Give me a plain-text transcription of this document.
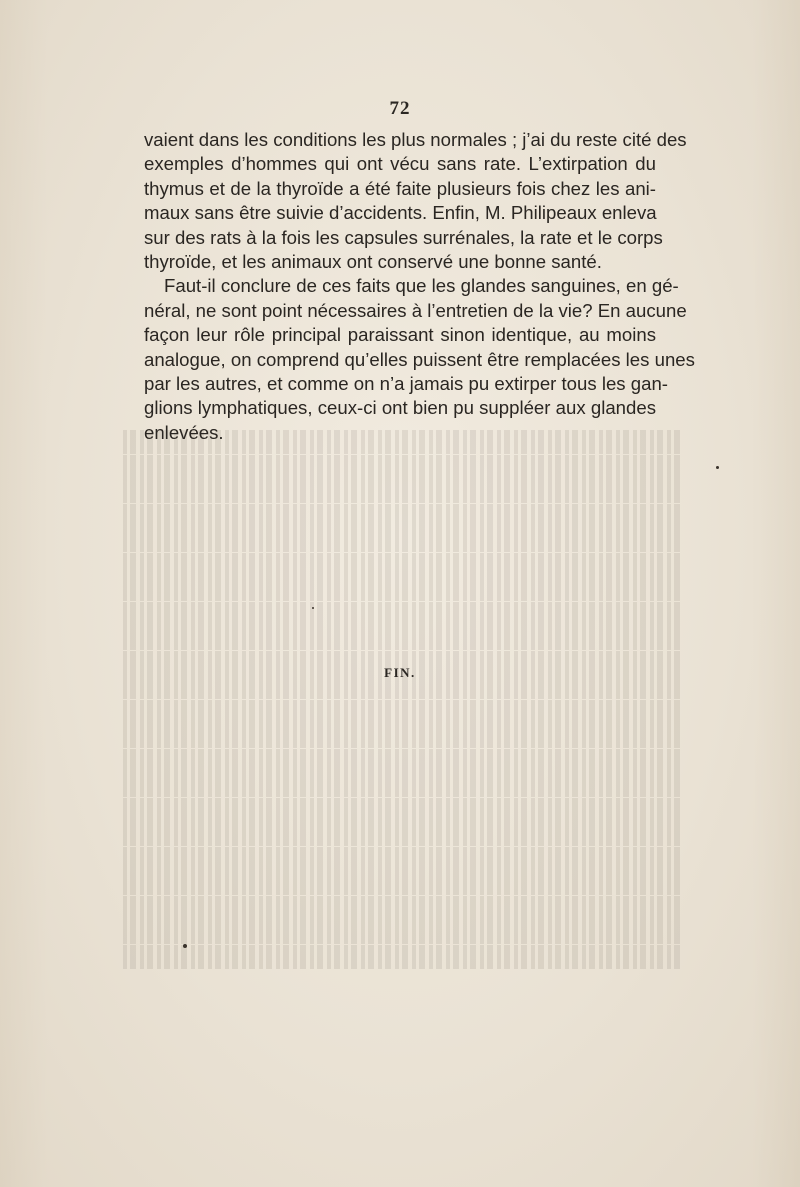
72
vaient dans les conditions les plus normales ; j’ai du reste cité des
exemples d’hommes qui ont vécu sans rate. L’extirpation du
thymus et de la thyroïde a été faite plusieurs fois chez les ani-
maux sans être suivie d’accidents. Enfin, M. Philipeaux enleva
sur des rats à la fois les capsules surrénales, la rate et le corps
thyroïde, et les animaux ont conservé une bonne santé.
Faut-il conclure de ces faits que les glandes sanguines, en gé-
néral, ne sont point nécessaires à l’entretien de la vie? En aucune
façon leur rôle principal paraissant sinon identique, au moins
analogue, on comprend qu’elles puissent être remplacées les unes
par les autres, et comme on n’a jamais pu extirper tous les gan-
glions lymphatiques, ceux-ci ont bien pu suppléer aux glandes
enlevées.
FIN.
